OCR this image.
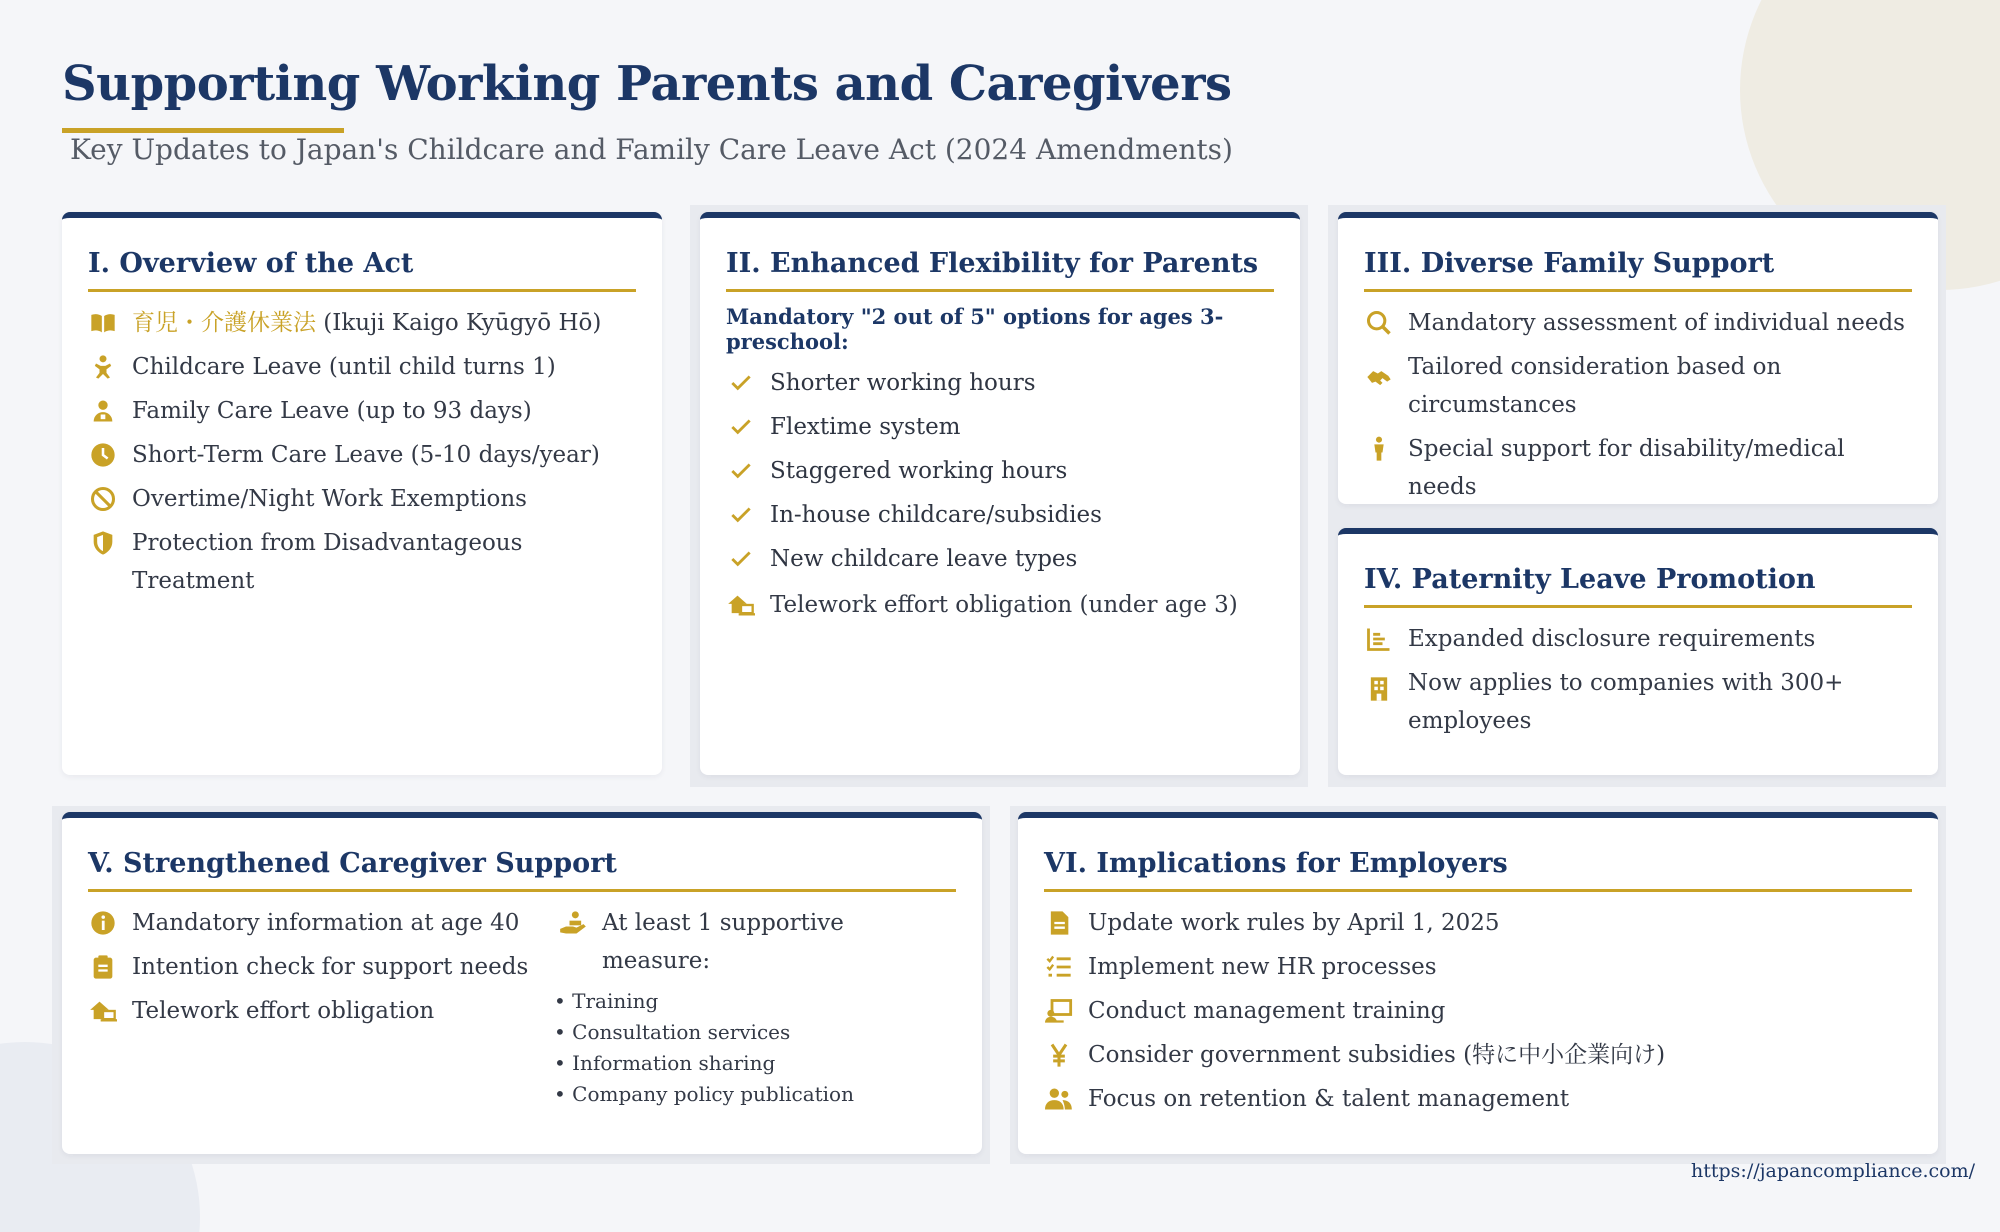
Supporting Working Parents and Caregivers
Key Updates to Japan's Childcare and Family Care Leave Act (2024 Amendments)
I. Overview of the Act
育児・介護休業法 (Ikuji Kaigo Kyūgyō Hō)
Childcare Leave (until child turns 1)
Family Care Leave (up to 93 days)
Short-Term Care Leave (5-10 days/year)
Overtime/Night Work Exemptions
Protection from Disadvantageous Treatment
II. Enhanced Flexibility for Parents
Mandatory "2 out of 5" options for ages 3-preschool:
Shorter working hours
Flextime system
Staggered working hours
In-house childcare/subsidies
New childcare leave types
Telework effort obligation (under age 3)
III. Diverse Family Support
Mandatory assessment of individual needs
Tailored consideration based on circumstances
Special support for disability/medical needs
IV. Paternity Leave Promotion
Expanded disclosure requirements
Now applies to companies with 300+ employees
V. Strengthened Caregiver Support
Mandatory information at age 40
Intention check for support needs
Telework effort obligation
At least 1 supportive measure:
• Training
• Consultation services
• Information sharing
• Company policy publication
VI. Implications for Employers
Update work rules by April 1, 2025
Implement new HR processes
Conduct management training
Consider government subsidies (特に中小企業向け)
Focus on retention & talent management
https://japancompliance.com/
